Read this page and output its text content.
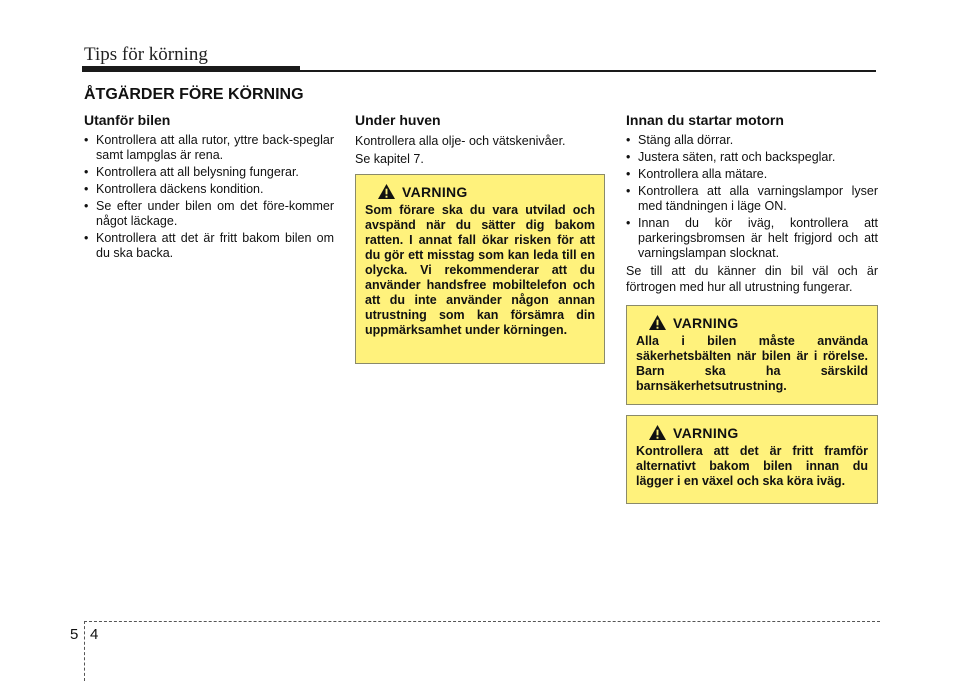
Tips för körning
ÅTGÄRDER FÖRE KÖRNING
Utanför bilen
• Kontrollera att alla rutor, yttre back-speglar samt lampglas är rena.
• Kontrollera att all belysning fungerar.
• Kontrollera däckens kondition.
• Se efter under bilen om det före-kommer något läckage.
• Kontrollera att det är fritt bakom bilen om du ska backa.
Under huven

Kontrollera alla olje- och vätskenivåer.

Se kapitel 7.

VARNING
Som förare ska du vara utvilad och avspänd när du sätter dig bakom ratten. I annat fall ökar risken för att du gör ett misstag som kan leda till en olycka. Vi rekommenderar att du använder handsfree mobiltelefon och att du inte använder någon annan utrustning som kan försämra din uppmärksamhet under körningen.
Innan du startar motorn
• Stäng alla dörrar.
• Justera säten, ratt och backspeglar.
• Kontrollera alla mätare.
• Kontrollera att alla varningslampor lyser med tändningen i läge ON.
• Innan du kör iväg, kontrollera att parkeringsbromsen är helt frigjord och att varningslampan slocknat.

Se till att du känner din bil väl och är förtrogen med hur all utrustning fungerar.

VARNING
Alla i bilen måste använda säkerhetsbälten när bilen är i rörelse. Barn ska ha särskild barnsäkerhetsutrustning.
VARNING
Kontrollera att det är fritt framför alternativt bakom bilen innan du lägger i en växel och ska köra iväg.
5 4
